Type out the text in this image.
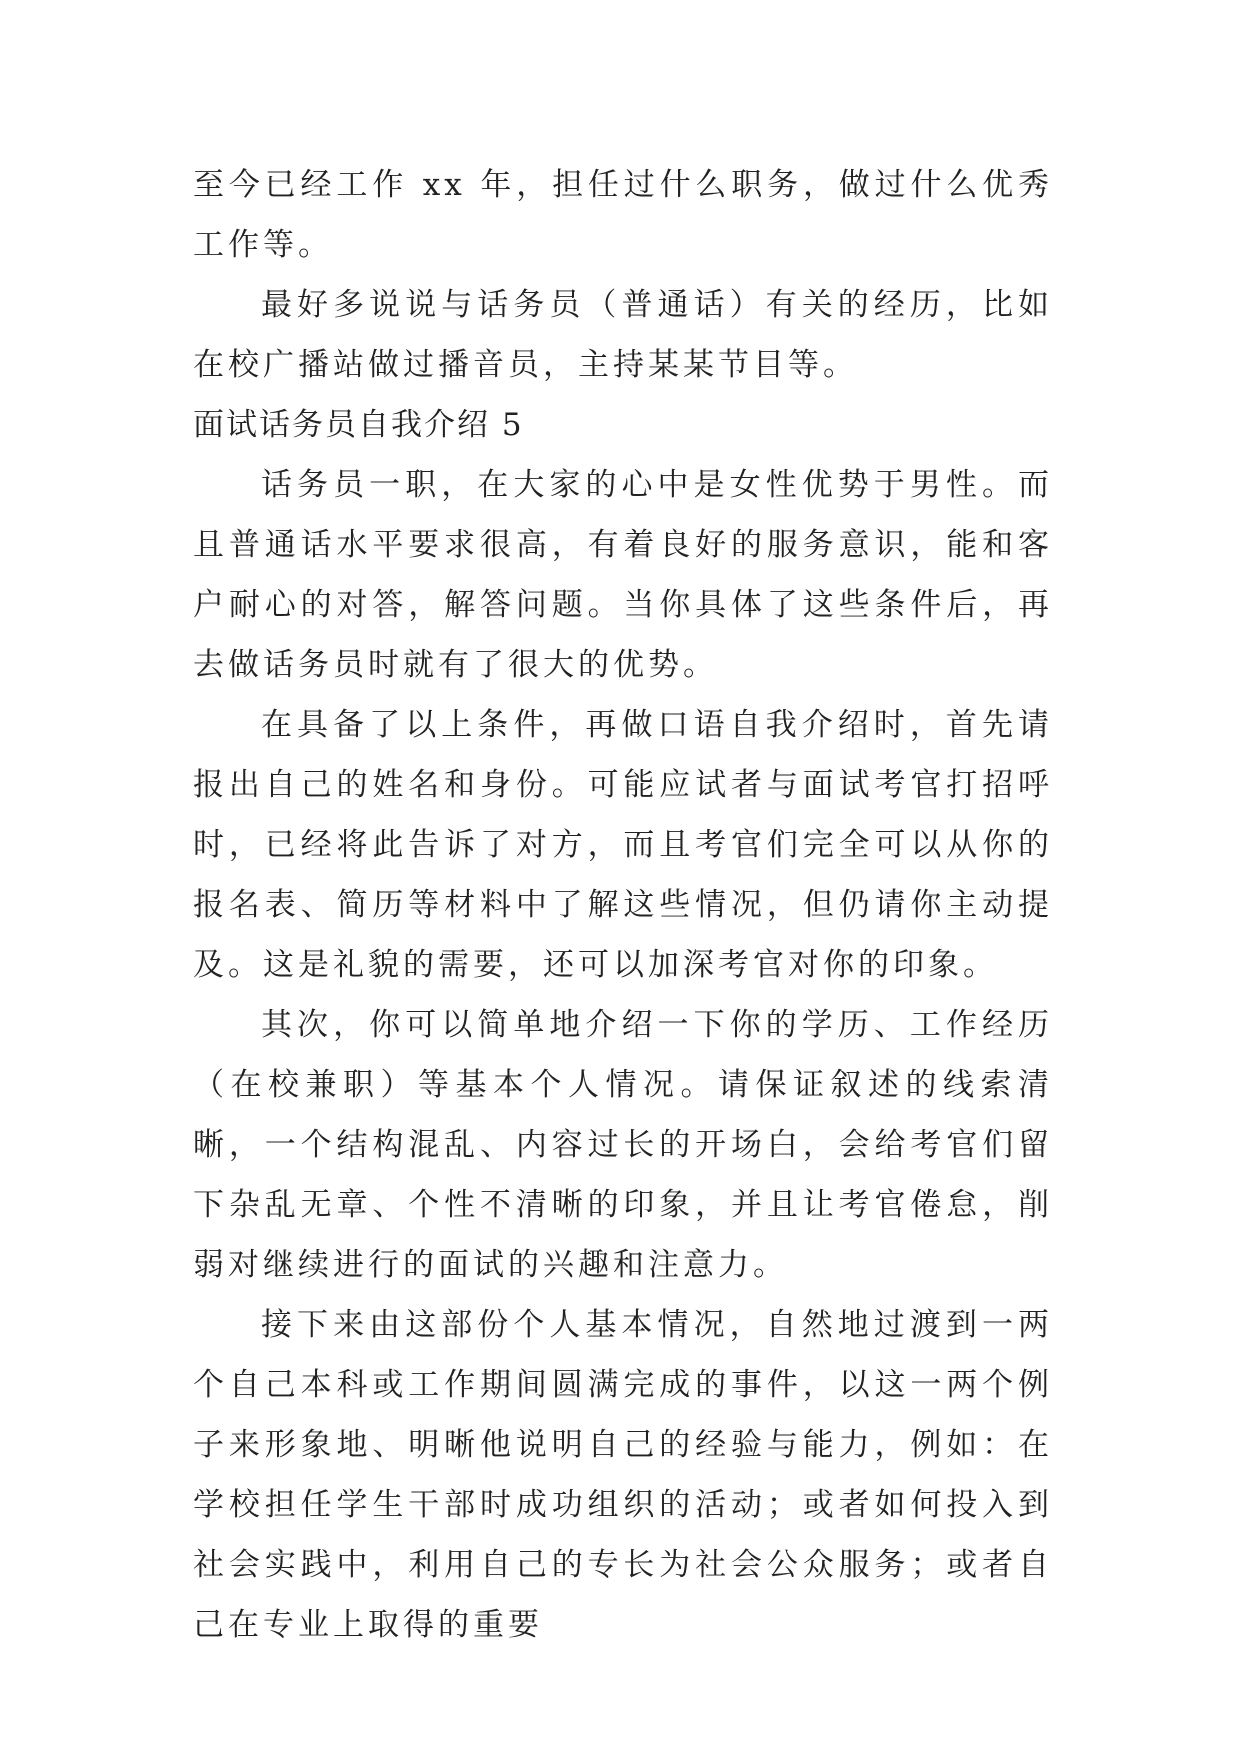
至今已经工作 xx 年，担任过什么职务，做过什么优秀工作等。

最好多说说与话务员（普通话）有关的经历，比如在校广播站做过播音员，主持某某节目等。

面试话务员自我介绍 5

话务员一职，在大家的心中是女性优势于男性。而且普通话水平要求很高，有着良好的服务意识，能和客户耐心的对答，解答问题。当你具体了这些条件后，再去做话务员时就有了很大的优势。

在具备了以上条件，再做口语自我介绍时，首先请报出自己的姓名和身份。可能应试者与面试考官打招呼时，已经将此告诉了对方，而且考官们完全可以从你的报名表、简历等材料中了解这些情况，但仍请你主动提及。这是礼貌的需要，还可以加深考官对你的印象。

其次，你可以简单地介绍一下你的学历、工作经历（在校兼职）等基本个人情况。请保证叙述的线索清晰，一个结构混乱、内容过长的开场白，会给考官们留下杂乱无章、个性不清晰的印象，并且让考官倦怠，削弱对继续进行的面试的兴趣和注意力。

接下来由这部份个人基本情况，自然地过渡到一两个自己本科或工作期间圆满完成的事件，以这一两个例子来形象地、明晰他说明自己的经验与能力，例如：在学校担任学生干部时成功组织的活动；或者如何投入到社会实践中，利用自己的专长为社会公众服务；或者自己在专业上取得的重要
